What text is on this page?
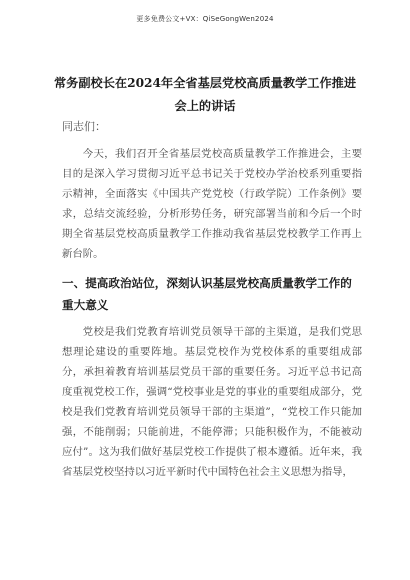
更多免费公文+VX：QiSeGongWen2024
常务副校长在2024年全省基层党校高质量教学工作推进会上的讲话
同志们：

今天，我们召开全省基层党校高质量教学工作推进会，主要目的是深入学习贯彻习近平总书记关于党校办学治校系列重要指示精神，全面落实《中国共产党党校（行政学院）工作条例》要求，总结交流经验，分析形势任务，研究部署当前和今后一个时期全省基层党校高质量教学工作推动我省基层党校教学工作再上新台阶。

一、提高政治站位，深刻认识基层党校高质量教学工作的重大意义

党校是我们党教育培训党员领导干部的主渠道，是我们党思想理论建设的重要阵地。基层党校作为党校体系的重要组成部分，承担着教育培训基层党员干部的重要任务。习近平总书记高度重视党校工作，强调“党校事业是党的事业的重要组成部分，党校是我们党教育培训党员领导干部的主渠道”，“党校工作只能加强，不能削弱；只能前进，不能停滞；只能积极作为，不能被动应付”。这为我们做好基层党校工作提供了根本遵循。近年来，我省基层党校坚持以习近平新时代中国特色社会主义思想为指导，
